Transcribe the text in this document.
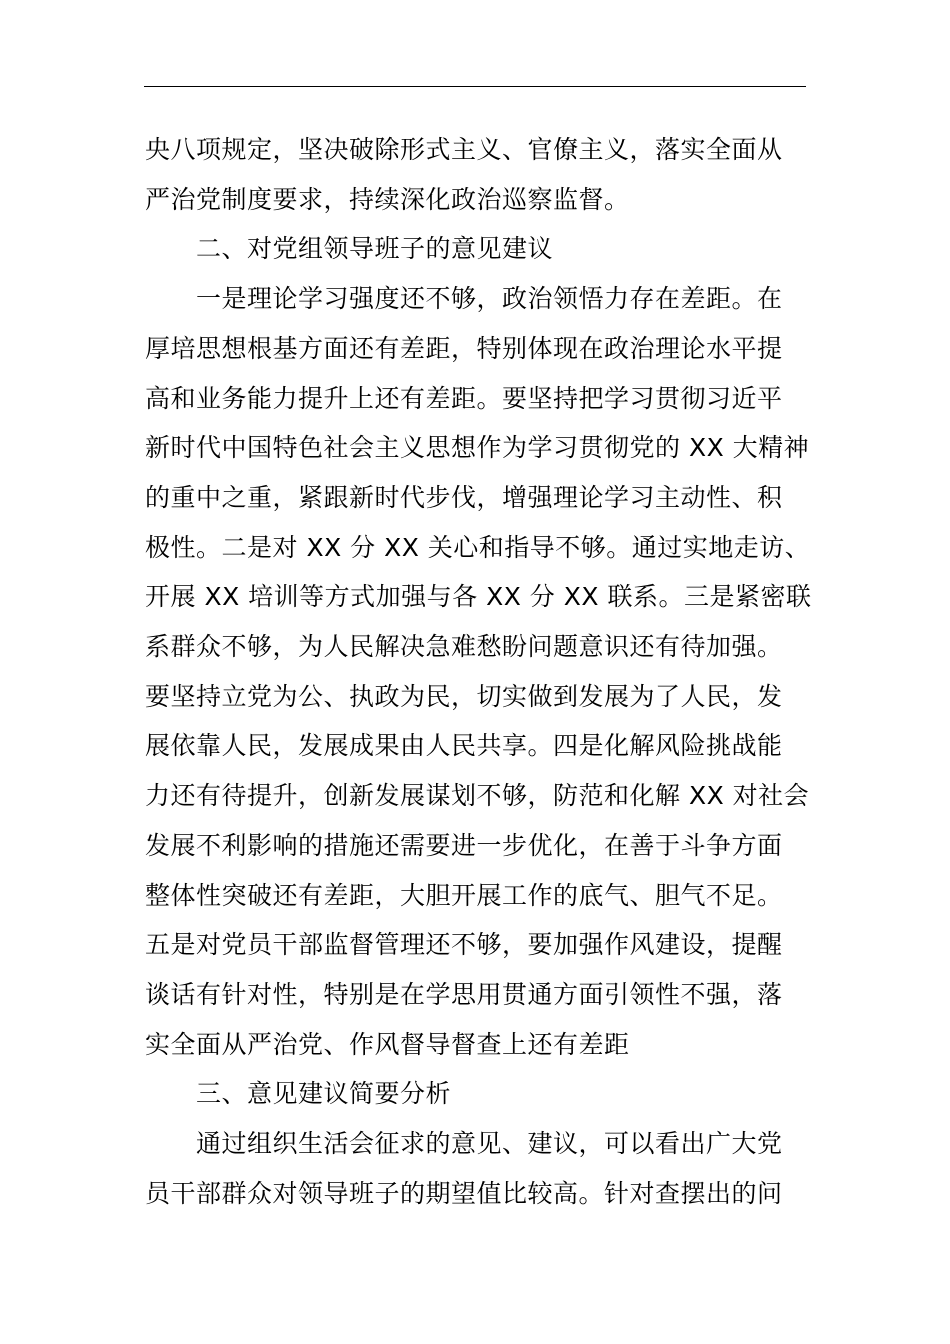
央八项规定，坚决破除形式主义、官僚主义，落实全面从
严治党制度要求，持续深化政治巡察监督。
二、对党组领导班子的意见建议
一是理论学习强度还不够，政治领悟力存在差距。在
厚培思想根基方面还有差距，特别体现在政治理论水平提
高和业务能力提升上还有差距。要坚持把学习贯彻习近平
新时代中国特色社会主义思想作为学习贯彻党的 XX 大精神
的重中之重，紧跟新时代步伐，增强理论学习主动性、积
极性。二是对 XX 分 XX 关心和指导不够。通过实地走访、
开展 XX 培训等方式加强与各 XX 分 XX 联系。三是紧密联
系群众不够，为人民解决急难愁盼问题意识还有待加强。
要坚持立党为公、执政为民，切实做到发展为了人民，发
展依靠人民，发展成果由人民共享。四是化解风险挑战能
力还有待提升，创新发展谋划不够，防范和化解 XX 对社会
发展不利影响的措施还需要进一步优化，在善于斗争方面
整体性突破还有差距，大胆开展工作的底气、胆气不足。
五是对党员干部监督管理还不够，要加强作风建设，提醒
谈话有针对性，特别是在学思用贯通方面引领性不强，落
实全面从严治党、作风督导督查上还有差距
三、意见建议简要分析
通过组织生活会征求的意见、建议，可以看出广大党
员干部群众对领导班子的期望值比较高。针对查摆出的问
